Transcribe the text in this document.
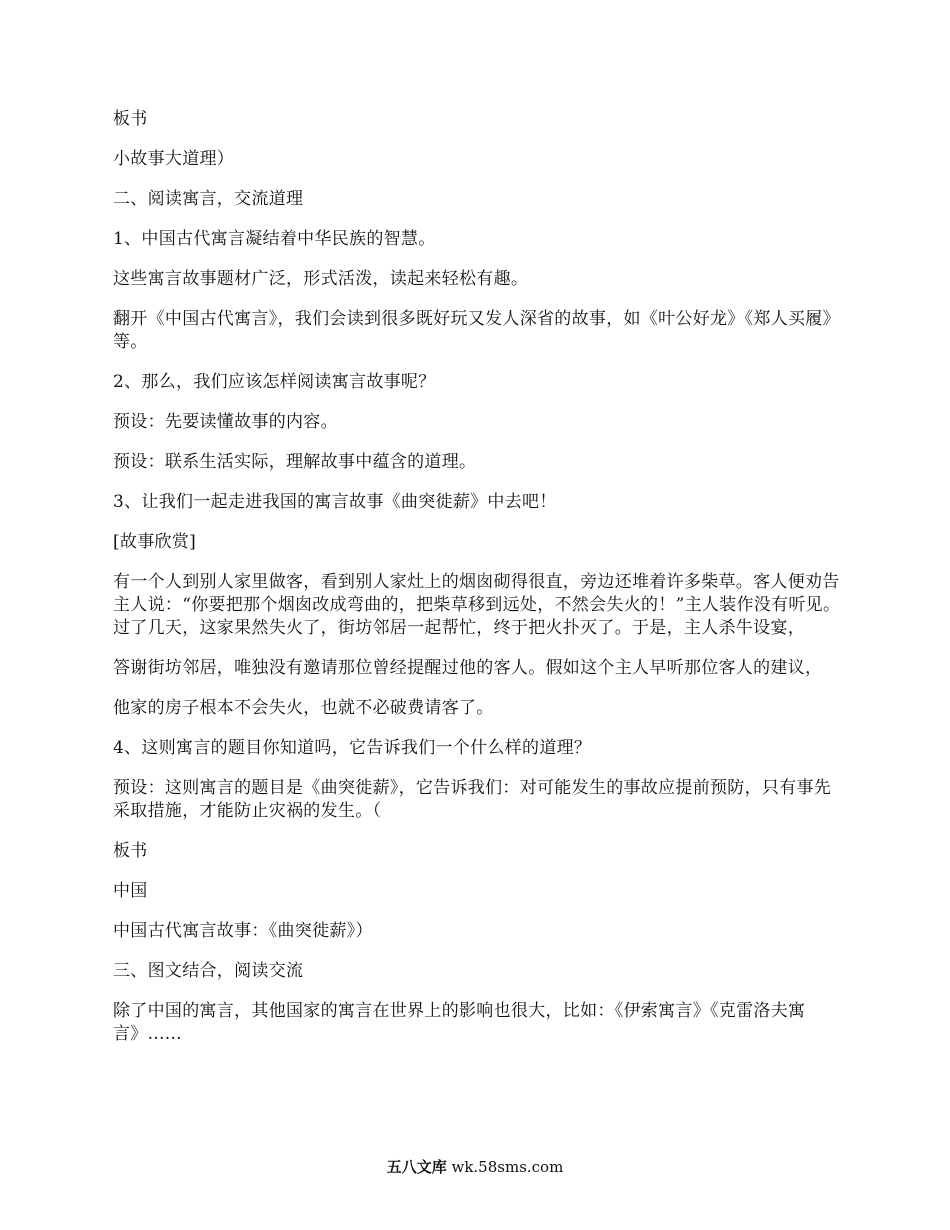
板书

小故事大道理）

二、阅读寓言，交流道理

1、中国古代寓言凝结着中华民族的智慧。

这些寓言故事题材广泛，形式活泼，读起来轻松有趣。

翻开《中国古代寓言》，我们会读到很多既好玩又发人深省的故事，如《叶公好龙》《郑人买履》等。

2、那么，我们应该怎样阅读寓言故事呢？

预设：先要读懂故事的内容。

预设：联系生活实际，理解故事中蕴含的道理。

3、让我们一起走进我国的寓言故事《曲突徙薪》中去吧！

[故事欣赏]

有一个人到别人家里做客，看到别人家灶上的烟囱砌得很直，旁边还堆着许多柴草。客人便劝告主人说：“你要把那个烟囱改成弯曲的，把柴草移到远处，不然会失火的！”主人装作没有听见。过了几天，这家果然失火了，街坊邻居一起帮忙，终于把火扑灭了。于是，主人杀牛设宴，

答谢街坊邻居，唯独没有邀请那位曾经提醒过他的客人。假如这个主人早听那位客人的建议，

他家的房子根本不会失火，也就不必破费请客了。

4、这则寓言的题目你知道吗，它告诉我们一个什么样的道理？

预设：这则寓言的题目是《曲突徙薪》，它告诉我们：对可能发生的事故应提前预防，只有事先采取措施，才能防止灾祸的发生。（

板书

中国

中国古代寓言故事：《曲突徙薪》）

三、图文结合，阅读交流

除了中国的寓言，其他国家的寓言在世界上的影响也很大，比如：《伊索寓言》《克雷洛夫寓言》......

五八文库 wk.58sms.com
